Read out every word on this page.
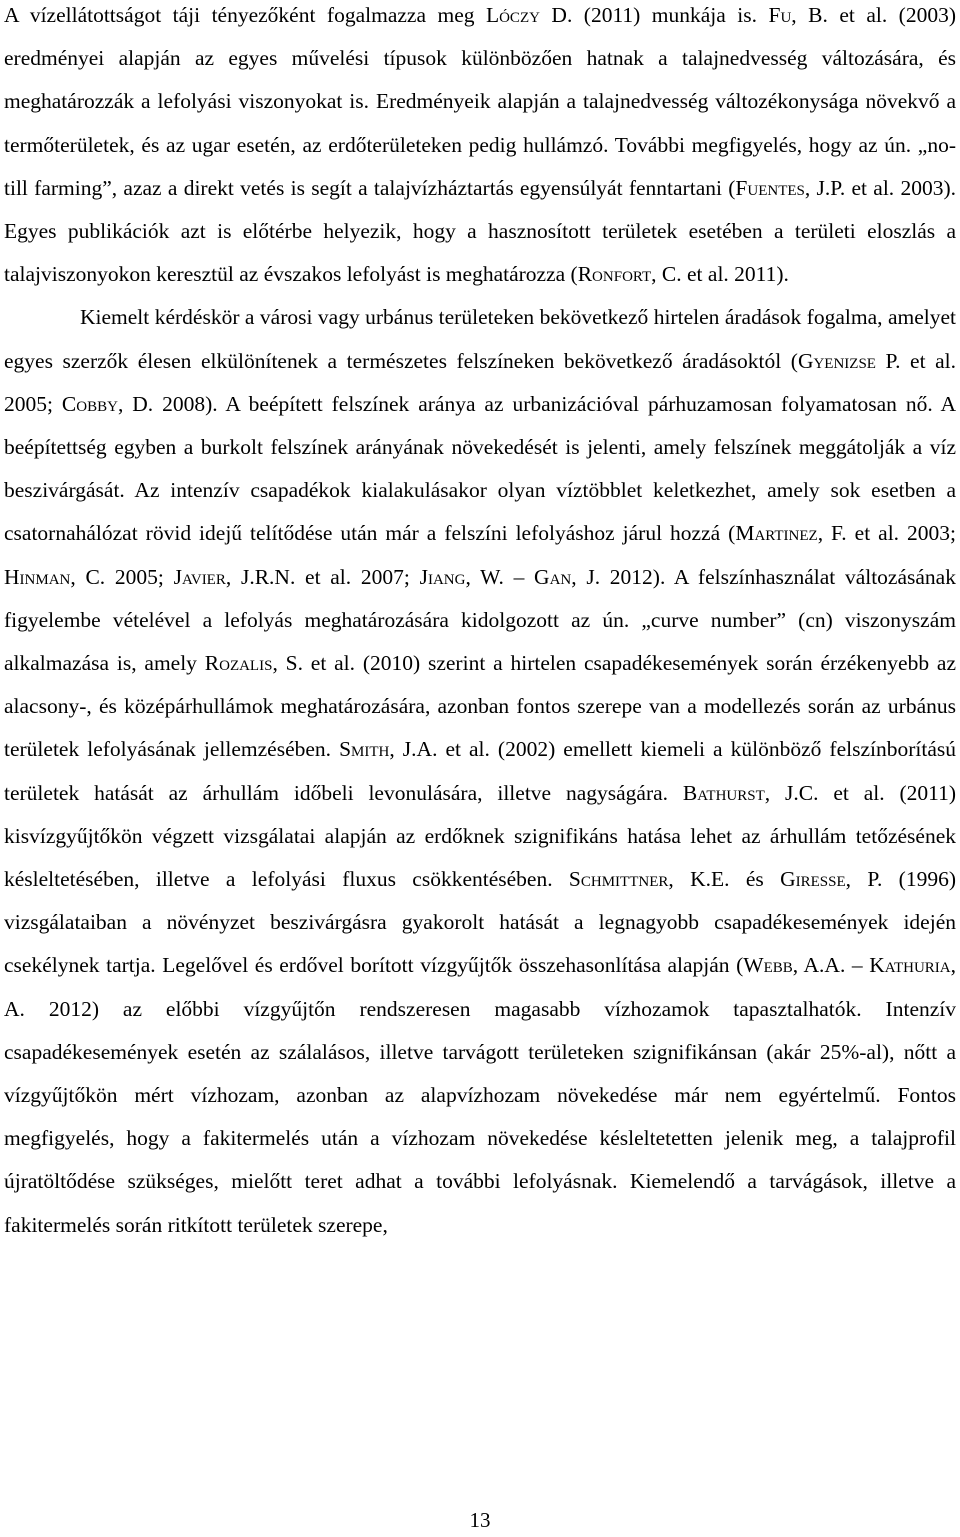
A vízellátottságot táji tényezőként fogalmazza meg Lóczy D. (2011) munkája is. Fu, B. et al. (2003) eredményei alapján az egyes művelési típusok különbözően hatnak a talajnedvesség változására, és meghatározzák a lefolyási viszonyokat is. Eredményeik alapján a talajnedvesség változékonysága növekvő a termőterületek, és az ugar esetén, az erdőterületeken pedig hullámzó. További megfigyelés, hogy az ún. „no-till farming”, azaz a direkt vetés is segít a talajvízháztartás egyensúlyát fenntartani (Fuentes, J.P. et al. 2003). Egyes publikációk azt is előtérbe helyezik, hogy a hasznosított területek esetében a területi eloszlás a talajviszonyokon keresztül az évszakos lefolyást is meghatározza (Ronfort, C. et al. 2011).

Kiemelt kérdéskör a városi vagy urbánus területeken bekövetkező hirtelen áradások fogalma, amelyet egyes szerzők élesen elkülönítenek a természetes felszíneken bekövetkező áradásoktól (Gyenizse P. et al. 2005; Cobby, D. 2008). A beépített felszínek aránya az urbanizációval párhuzamosan folyamatosan nő. A beépítettség egyben a burkolt felszínek arányának növekedését is jelenti, amely felszínek meggátolják a víz beszivárgását. Az intenzív csapadékok kialakulásakor olyan víztöbblet keletkezhet, amely sok esetben a csatornahálózat rövid idejű telítődése után már a felszíni lefolyáshoz járul hozzá (Martinez, F. et al. 2003; Hinman, C. 2005; Javier, J.R.N. et al. 2007; Jiang, W. – Gan, J. 2012). A felszínhasználat változásának figyelembe vételével a lefolyás meghatározására kidolgozott az ún. „curve number” (cn) viszonyszám alkalmazása is, amely Rozalis, S. et al. (2010) szerint a hirtelen csapadékesemények során érzékenyebb az alacsony-, és középárhullámok meghatározására, azonban fontos szerepe van a modellezés során az urbánus területek lefolyásának jellemzésében. Smith, J.A. et al. (2002) emellett kiemeli a különböző felszínborítású területek hatását az árhullám időbeli levonulására, illetve nagyságára. Bathurst, J.C. et al. (2011) kisvízgyűjtőkön végzett vizsgálatai alapján az erdőknek szignifikáns hatása lehet az árhullám tetőzésének késleltetésében, illetve a lefolyási fluxus csökkentésében. Schmittner, K.E. és Giresse, P. (1996) vizsgálataiban a növényzet beszivárgásra gyakorolt hatását a legnagyobb csapadékesemények idején csekélynek tartja. Legelővel és erdővel borított vízgyűjtők összehasonlítása alapján (Webb, A.A. – Kathuria, A. 2012) az előbbi vízgyűjtőn rendszeresen magasabb vízhozamok tapasztalhatók. Intenzív csapadékesemények esetén az szálalásos, illetve tarvágott területeken szignifikánsan (akár 25%-al), nőtt a vízgyűjtőkön mért vízhozam, azonban az alapvízhozam növekedése már nem egyértelmű. Fontos megfigyelés, hogy a fakitermelés után a vízhozam növekedése késleltetetten jelenik meg, a talajprofil újratöltődése szükséges, mielőtt teret adhat a további lefolyásnak. Kiemelendő a tarvágások, illetve a fakitermelés során ritkított területek szerepe,

13
